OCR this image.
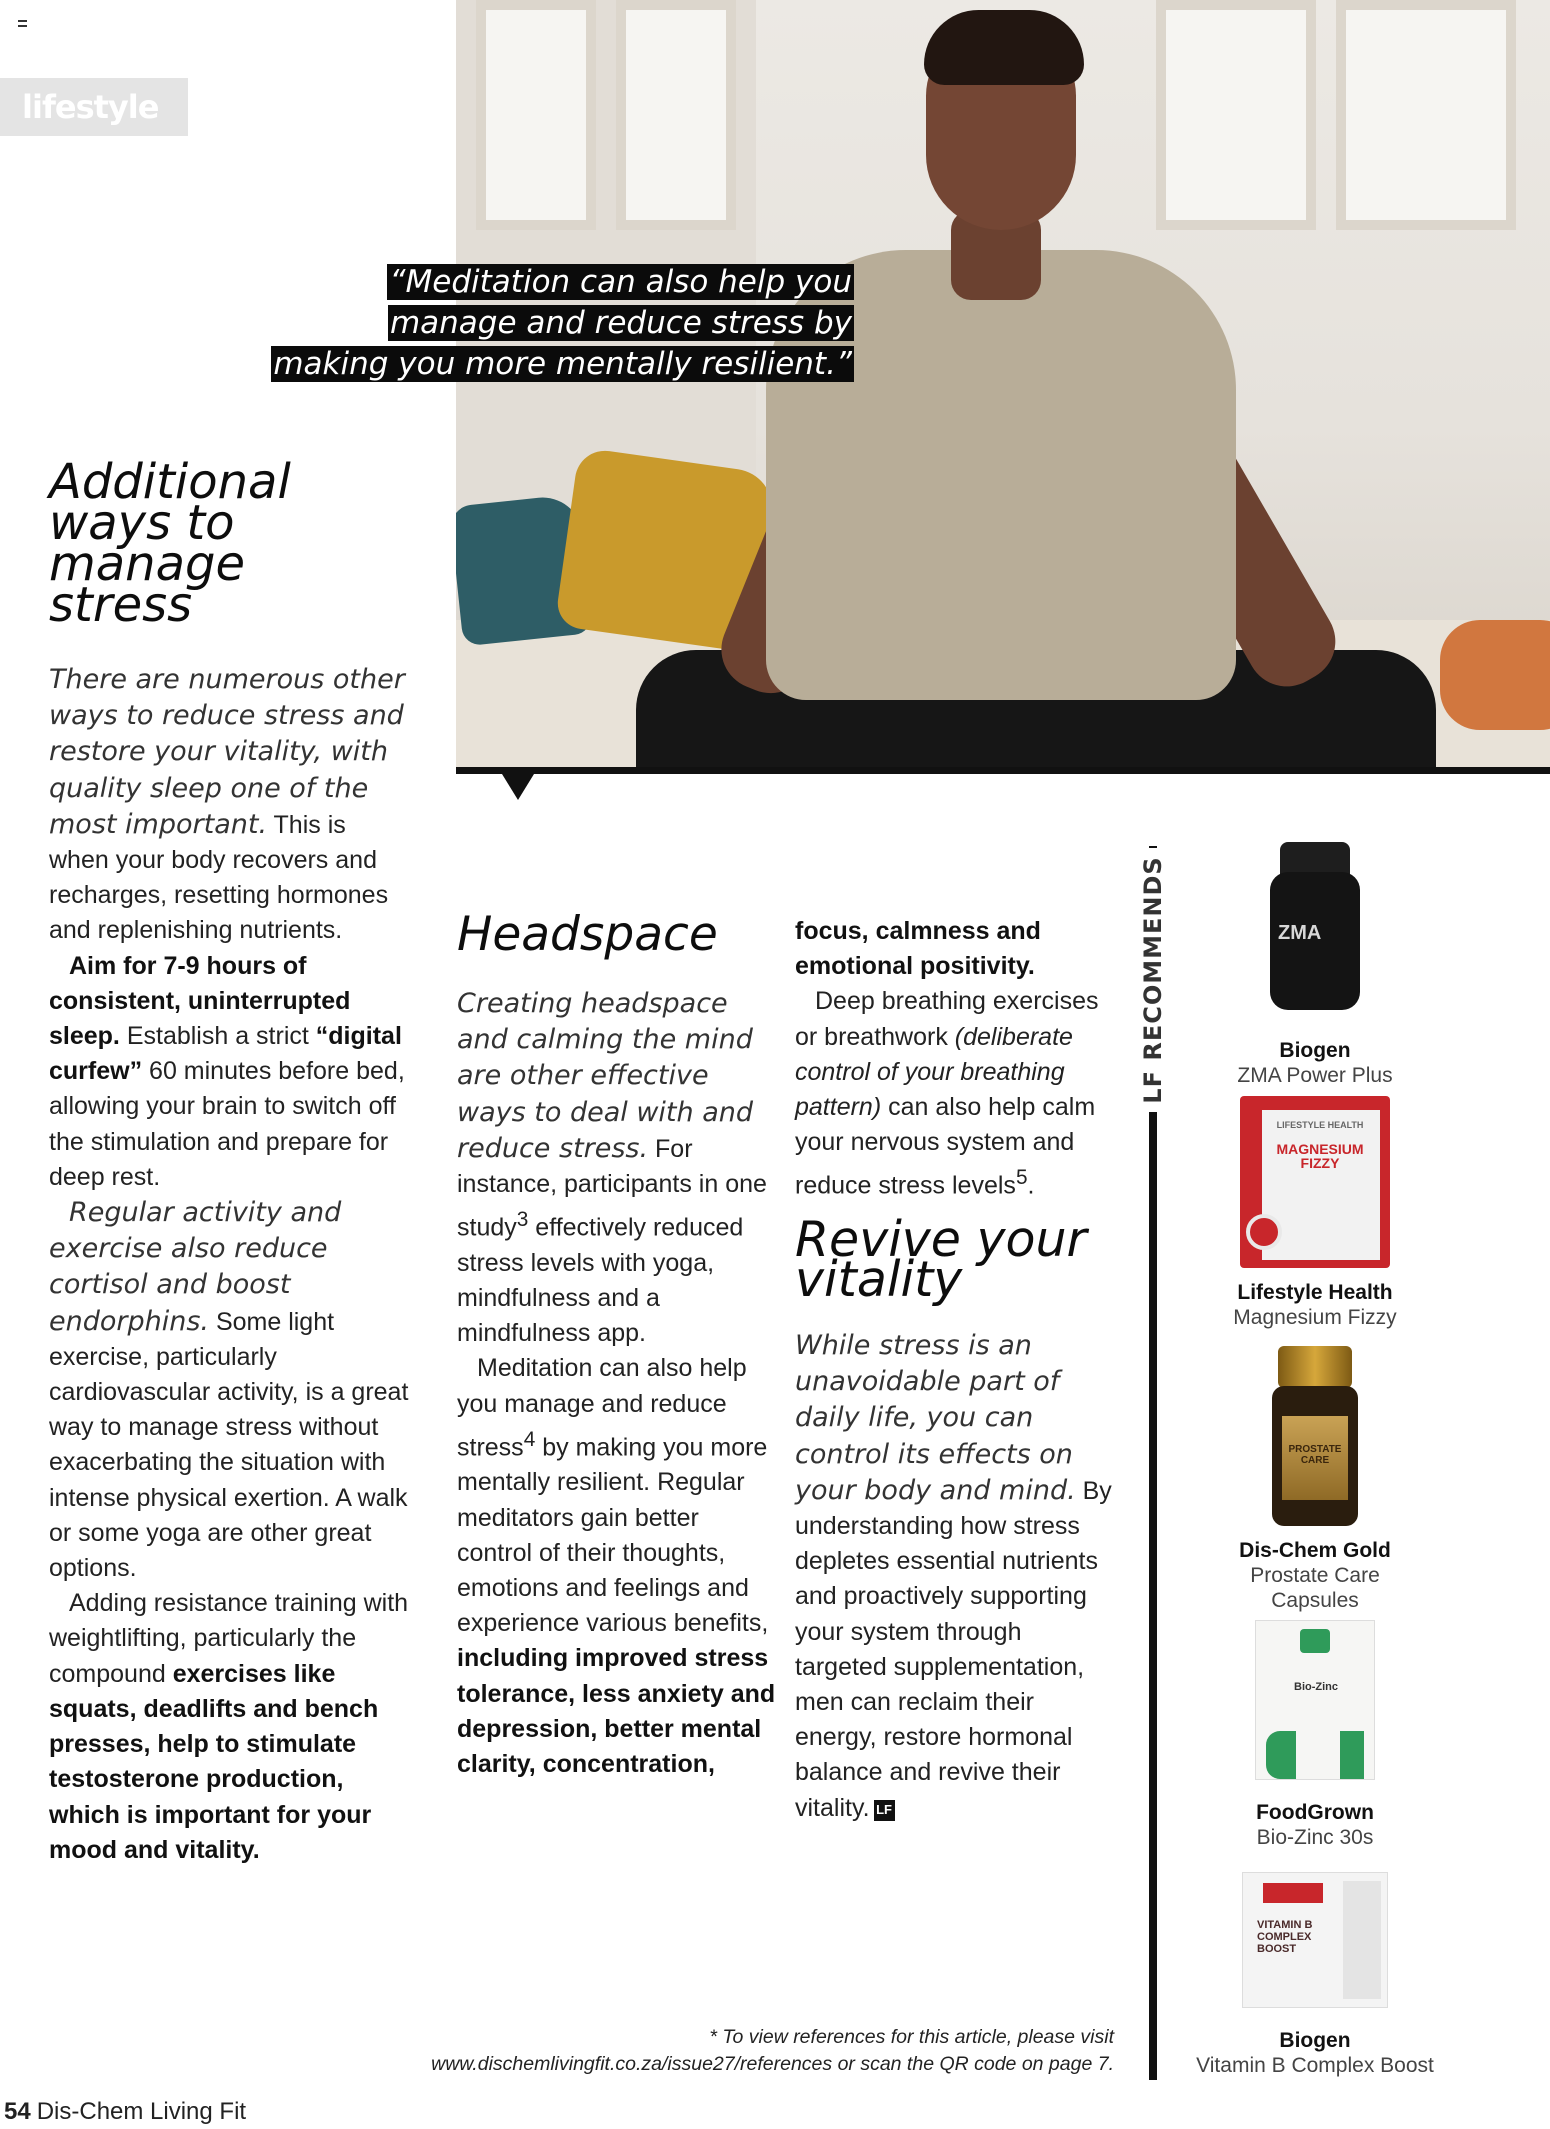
lifestyle
“Meditation can also help you
manage and reduce stress by
making you more mentally resilient.”
Additional
ways to
manage
stress

There are numerous other ways to reduce stress and restore your vitality, with quality sleep one of the most important. This is when your body recovers and recharges, resetting hormones and replenishing nutrients.

Aim for 7-9 hours of consistent, uninterrupted sleep. Establish a strict “digital curfew” 60 minutes before bed, allowing your brain to switch off the stimulation and prepare for deep rest.

Regular activity and exercise also reduce cortisol and boost endorphins. Some light exercise, particularly cardiovascular activity, is a great way to manage stress without exacerbating the situation with intense physical exertion. A walk or some yoga are other great options.

Adding resistance training with weightlifting, particularly the compound exercises like squats, deadlifts and bench presses, help to stimulate testosterone production, which is important for your mood and vitality.

Headspace

Creating headspace and calming the mind are other effective ways to deal with and reduce stress. For instance, participants in one study$^3$ effectively reduced stress levels with yoga, mindfulness and a mindfulness app.

Meditation can also help you manage and reduce stress$^4$ by making you more mentally resilient. Regular meditators gain better control of their thoughts, emotions and feelings and experience various benefits, including improved stress tolerance, less anxiety and depression, better mental clarity, concentration,

focus, calmness and emotional positivity.

Deep breathing exercises or breathwork (deliberate control of your breathing pattern) can also help calm your nervous system and reduce stress levels$^5$.

Revive your
vitality

While stress is an unavoidable part of daily life, you can control its effects on your body and mind. By understanding how stress depletes essential nutrients and proactively supporting your system through targeted supplementation, men can reclaim their energy, restore hormonal balance and revive their vitality. LF

* To view references for this article, please visit
www.dischemlivingfit.co.za/issue27/references or scan the QR code on page 7.
54 Dis-Chem Living Fit
LF RECOMMENDS	ZMA
Biogen
ZMA Power Plus
LIFESTYLE HEALTH
MAGNESIUM FIZZY
Lifestyle Health
Magnesium Fizzy
PROSTATE CARE
Dis-Chem Gold
Prostate Care Capsules
Bio-Zinc
FoodGrown
Bio-Zinc 30s
VITAMIN B COMPLEX BOOST
Biogen
Vitamin B Complex Boost
